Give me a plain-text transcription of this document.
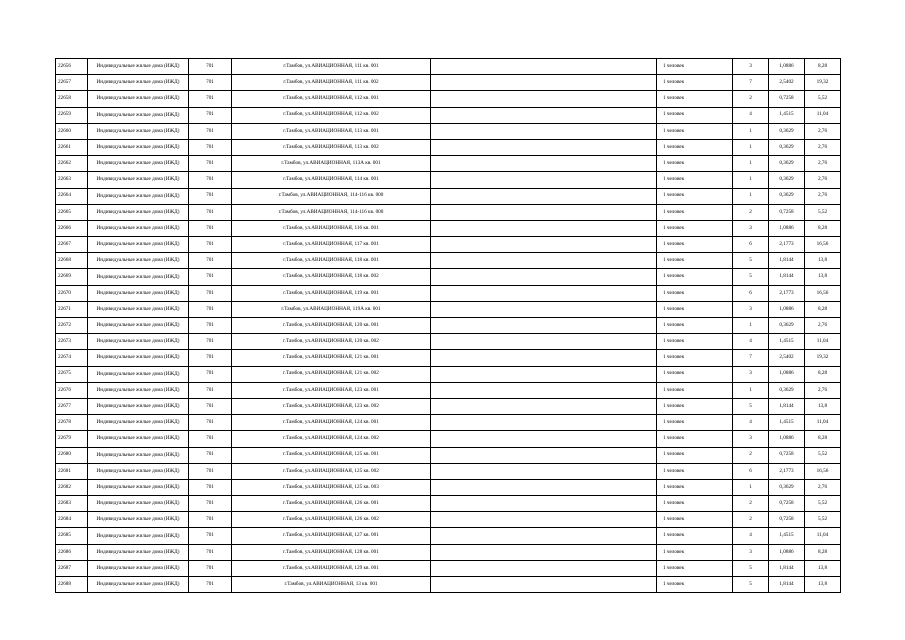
22656	Индивидуальные жилые дома (ИЖД)	701	г.Тамбов, ул.АВИАЦИОННАЯ, 111 кв. 001		1 человек	3	1,0886	8,28
22657	Индивидуальные жилые дома (ИЖД)	701	г.Тамбов, ул.АВИАЦИОННАЯ, 111 кв. 002		1 человек	7	2,5402	19,32
22658	Индивидуальные жилые дома (ИЖД)	701	г.Тамбов, ул.АВИАЦИОННАЯ, 112 кв. 001		1 человек	2	0,7258	5,52
22659	Индивидуальные жилые дома (ИЖД)	701	г.Тамбов, ул.АВИАЦИОННАЯ, 112 кв. 002		1 человек	4	1,4515	11,04
22660	Индивидуальные жилые дома (ИЖД)	701	г.Тамбов, ул.АВИАЦИОННАЯ, 113 кв. 001		1 человек	1	0,3629	2,76
22661	Индивидуальные жилые дома (ИЖД)	701	г.Тамбов, ул.АВИАЦИОННАЯ, 113 кв. 002		1 человек	1	0,3629	2,76
22662	Индивидуальные жилые дома (ИЖД)	701	г.Тамбов, ул.АВИАЦИОННАЯ, 113А кв. 001		1 человек	1	0,3629	2,76
22663	Индивидуальные жилые дома (ИЖД)	701	г.Тамбов, ул.АВИАЦИОННАЯ, 114 кв. 001		1 человек	1	0,3629	2,76
22664	Индивидуальные жилые дома (ИЖД)	701	г.Тамбов, ул.АВИАЦИОННАЯ, 114-116 кв. 000		1 человек	1	0,3629	2,76
22665	Индивидуальные жилые дома (ИЖД)	701	г.Тамбов, ул.АВИАЦИОННАЯ, 114-116 кв. 000		1 человек	2	0,7258	5,52
22666	Индивидуальные жилые дома (ИЖД)	701	г.Тамбов, ул.АВИАЦИОННАЯ, 116 кв. 001		1 человек	3	1,0886	8,28
22667	Индивидуальные жилые дома (ИЖД)	701	г.Тамбов, ул.АВИАЦИОННАЯ, 117 кв. 001		1 человек	6	2,1773	16,56
22668	Индивидуальные жилые дома (ИЖД)	701	г.Тамбов, ул.АВИАЦИОННАЯ, 118 кв. 001		1 человек	5	1,8144	13,8
22669	Индивидуальные жилые дома (ИЖД)	701	г.Тамбов, ул.АВИАЦИОННАЯ, 118 кв. 002		1 человек	5	1,8144	13,8
22670	Индивидуальные жилые дома (ИЖД)	701	г.Тамбов, ул.АВИАЦИОННАЯ, 119 кв. 001		1 человек	6	2,1773	16,56
22671	Индивидуальные жилые дома (ИЖД)	701	г.Тамбов, ул.АВИАЦИОННАЯ, 119А кв. 001		1 человек	3	1,0886	8,28
22672	Индивидуальные жилые дома (ИЖД)	701	г.Тамбов, ул.АВИАЦИОННАЯ, 120 кв. 001		1 человек	1	0,3629	2,76
22673	Индивидуальные жилые дома (ИЖД)	701	г.Тамбов, ул.АВИАЦИОННАЯ, 120 кв. 002		1 человек	4	1,4515	11,04
22674	Индивидуальные жилые дома (ИЖД)	701	г.Тамбов, ул.АВИАЦИОННАЯ, 121 кв. 001		1 человек	7	2,5402	19,32
22675	Индивидуальные жилые дома (ИЖД)	701	г.Тамбов, ул.АВИАЦИОННАЯ, 121 кв. 002		1 человек	3	1,0886	8,28
22676	Индивидуальные жилые дома (ИЖД)	701	г.Тамбов, ул.АВИАЦИОННАЯ, 123 кв. 001		1 человек	1	0,3629	2,76
22677	Индивидуальные жилые дома (ИЖД)	701	г.Тамбов, ул.АВИАЦИОННАЯ, 123 кв. 002		1 человек	5	1,8144	13,8
22678	Индивидуальные жилые дома (ИЖД)	701	г.Тамбов, ул.АВИАЦИОННАЯ, 124 кв. 001		1 человек	4	1,4515	11,04
22679	Индивидуальные жилые дома (ИЖД)	701	г.Тамбов, ул.АВИАЦИОННАЯ, 124 кв. 002		1 человек	3	1,0886	8,28
22680	Индивидуальные жилые дома (ИЖД)	701	г.Тамбов, ул.АВИАЦИОННАЯ, 125 кв. 001		1 человек	2	0,7258	5,52
22681	Индивидуальные жилые дома (ИЖД)	701	г.Тамбов, ул.АВИАЦИОННАЯ, 125 кв. 002		1 человек	6	2,1773	16,56
22682	Индивидуальные жилые дома (ИЖД)	701	г.Тамбов, ул.АВИАЦИОННАЯ, 125 кв. 003		1 человек	1	0,3629	2,76
22683	Индивидуальные жилые дома (ИЖД)	701	г.Тамбов, ул.АВИАЦИОННАЯ, 126 кв. 001		1 человек	2	0,7258	5,52
22684	Индивидуальные жилые дома (ИЖД)	701	г.Тамбов, ул.АВИАЦИОННАЯ, 126 кв. 002		1 человек	2	0,7258	5,52
22685	Индивидуальные жилые дома (ИЖД)	701	г.Тамбов, ул.АВИАЦИОННАЯ, 127 кв. 001		1 человек	4	1,4515	11,04
22686	Индивидуальные жилые дома (ИЖД)	701	г.Тамбов, ул.АВИАЦИОННАЯ, 128 кв. 001		1 человек	3	1,0886	8,28
22687	Индивидуальные жилые дома (ИЖД)	701	г.Тамбов, ул.АВИАЦИОННАЯ, 129 кв. 001		1 человек	5	1,8144	13,8
22688	Индивидуальные жилые дома (ИЖД)	701	г.Тамбов, ул.АВИАЦИОННАЯ, 13 кв. 001		1 человек	5	1,8144	13,8
